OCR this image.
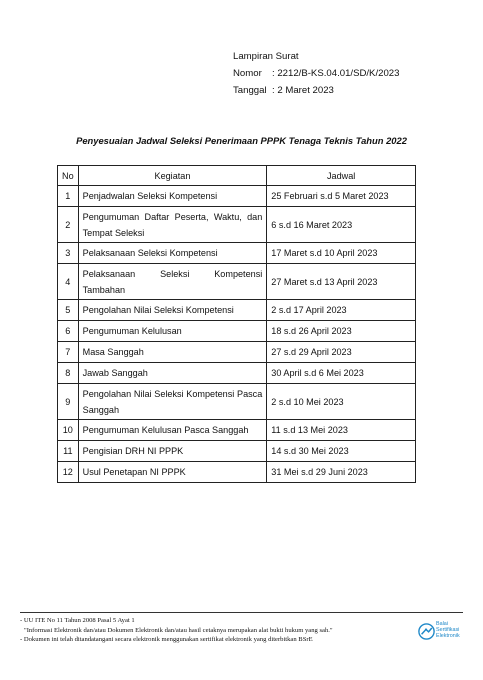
Lampiran Surat
Nomor	: 2212/B-KS.04.01/SD/K/2023
Tanggal : 2 Maret 2023
Penyesuaian Jadwal Seleksi Penerimaan PPPK Tenaga Teknis Tahun 2022
No	Kegiatan	Jadwal
1	Penjadwalan Seleksi Kompetensi	25 Februari s.d 5 Maret 2023
2	Pengumuman Daftar Peserta, Waktu, dan Tempat Seleksi	6 s.d 16 Maret 2023
3	Pelaksanaan Seleksi Kompetensi	17 Maret s.d 10 April 2023
4	Pelaksanaan Seleksi Kompetensi Tambahan	27 Maret s.d 13 April 2023
5	Pengolahan Nilai Seleksi Kompetensi	2 s.d 17 April 2023
6	Pengumuman Kelulusan	18 s.d 26 April 2023
7	Masa Sanggah	27 s.d 29 April 2023
8	Jawab Sanggah	30 April s.d 6 Mei 2023
9	Pengolahan Nilai Seleksi Kompetensi Pasca Sanggah	2 s.d 10 Mei 2023
10	Pengumuman Kelulusan Pasca Sanggah	11 s.d 13 Mei 2023
11	Pengisian DRH NI PPPK	14 s.d 30 Mei 2023
12	Usul Penetapan NI PPPK	31 Mei s.d 29 Juni 2023
- UU ITE No 11 Tahun 2008 Pasal 5 Ayat 1
"Informasi Elektronik dan/atau Dokumen Elektronik dan/atau hasil cetaknya merupakan alat bukti hukum yang sah."
- Dokumen ini telah ditandatangani secara elektronik menggunakan sertifikat elektronik yang diterbitkan BSrE
Balai
Sertifikasi
Elektronik
